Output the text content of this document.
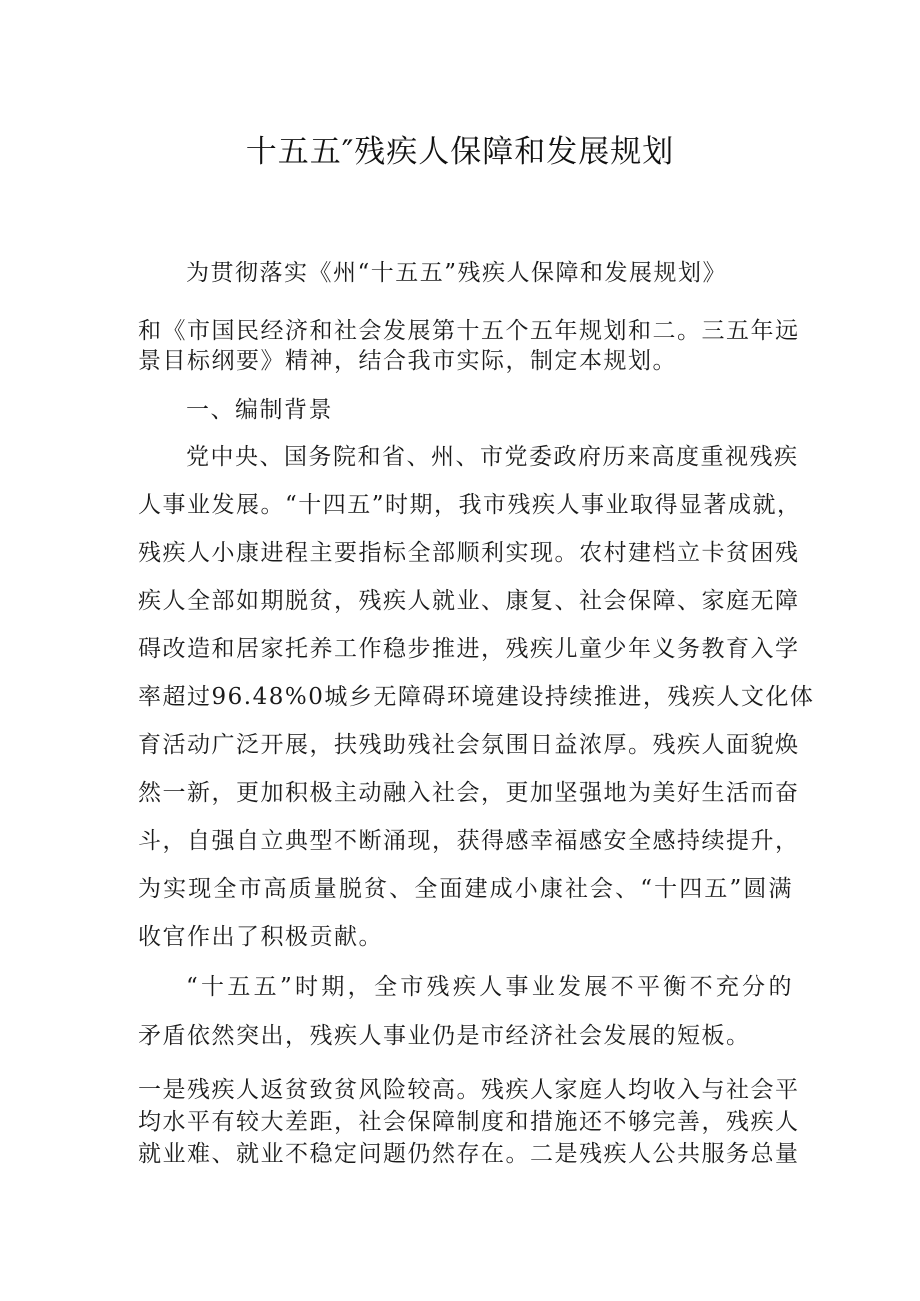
十五五″残疾人保障和发展规划

为贯彻落实《州“十五五”残疾人保障和发展规划》

和《市国民经济和社会发展第十五个五年规划和二。三五年远

景目标纲要》精神，结合我市实际，制定本规划。

一、编制背景

党中央、国务院和省、州、市党委政府历来高度重视残疾

人事业发展。“十四五”时期，我市残疾人事业取得显著成就，

残疾人小康进程主要指标全部顺利实现。农村建档立卡贫困残

疾人全部如期脱贫，残疾人就业、康复、社会保障、家庭无障

碍改造和居家托养工作稳步推进，残疾儿童少年义务教育入学

率超过96.48%0城乡无障碍环境建设持续推进，残疾人文化体

育活动广泛开展，扶残助残社会氛围日益浓厚。残疾人面貌焕

然一新，更加积极主动融入社会，更加坚强地为美好生活而奋

斗，自强自立典型不断涌现，获得感幸福感安全感持续提升，

为实现全市高质量脱贫、全面建成小康社会、“十四五”圆满

收官作出了积极贡献。

“十五五”时期，全市残疾人事业发展不平衡不充分的

矛盾依然突出，残疾人事业仍是市经济社会发展的短板。

一是残疾人返贫致贫风险较高。残疾人家庭人均收入与社会平

均水平有较大差距，社会保障制度和措施还不够完善，残疾人

就业难、就业不稳定问题仍然存在。二是残疾人公共服务总量
